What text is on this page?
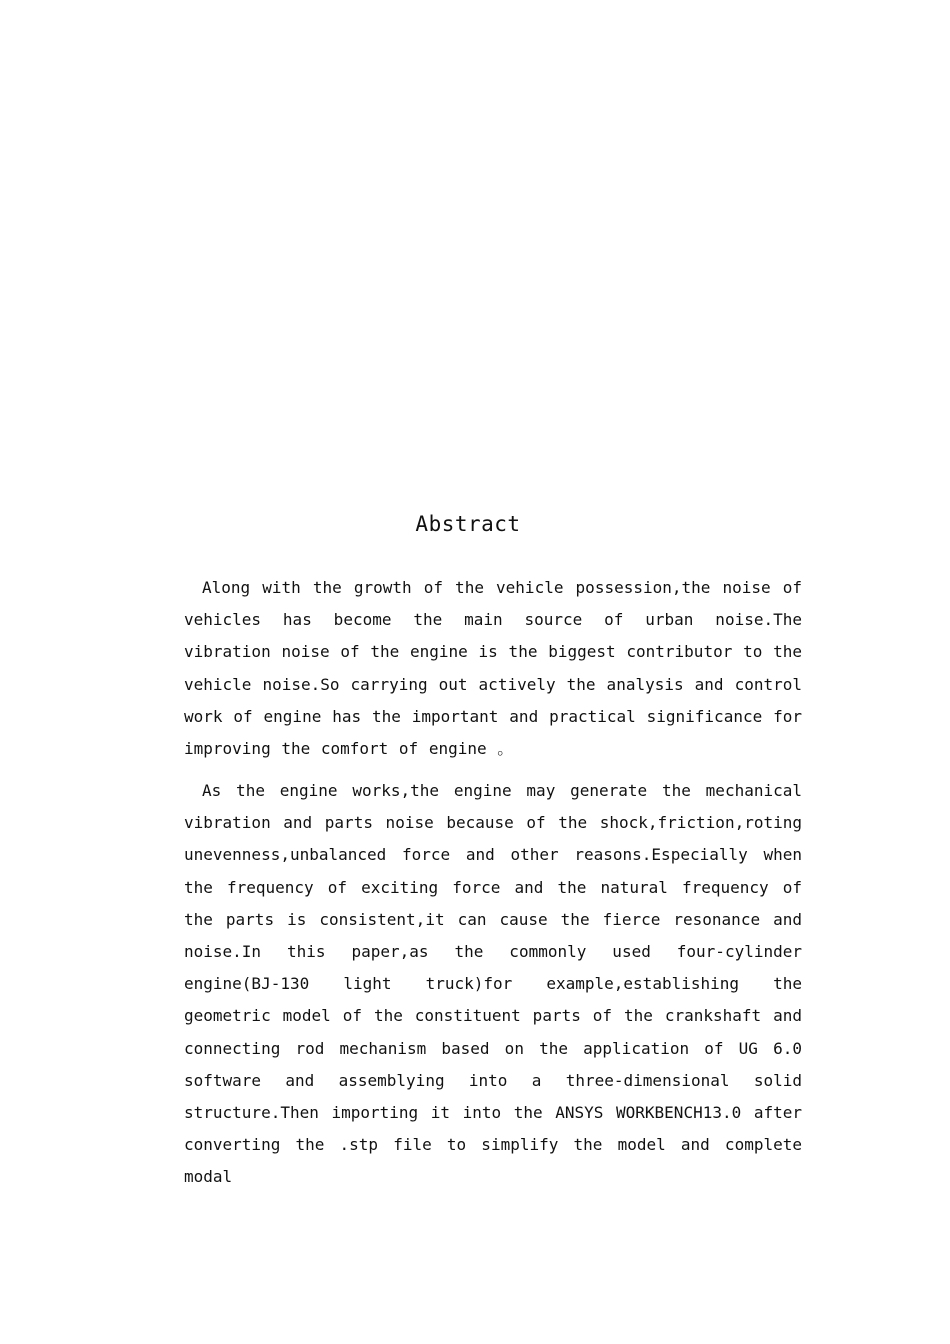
Abstract

Along with the growth of the vehicle possession,the noise of vehicles has become the main source of urban noise.The vibration noise of the engine is the biggest contributor to the vehicle noise.So carrying out actively the analysis and control work of engine has the important and practical significance for improving the comfort of engine 。

As the engine works,the engine may generate the mechanical vibration and parts noise because of the shock,friction,roting unevenness,unbalanced force and other reasons.Especially when the frequency of exciting force and the natural frequency of the parts is consistent,it can cause the fierce resonance and noise.In this paper,as the commonly used four-cylinder engine(BJ-130 light truck)for example,establishing the geometric model of the constituent parts of the crankshaft and connecting rod mechanism based on the application of UG 6.0 software and assemblying into a three-dimensional solid structure.Then importing it into the ANSYS WORKBENCH13.0 after converting the .stp file to simplify the model and complete modal
